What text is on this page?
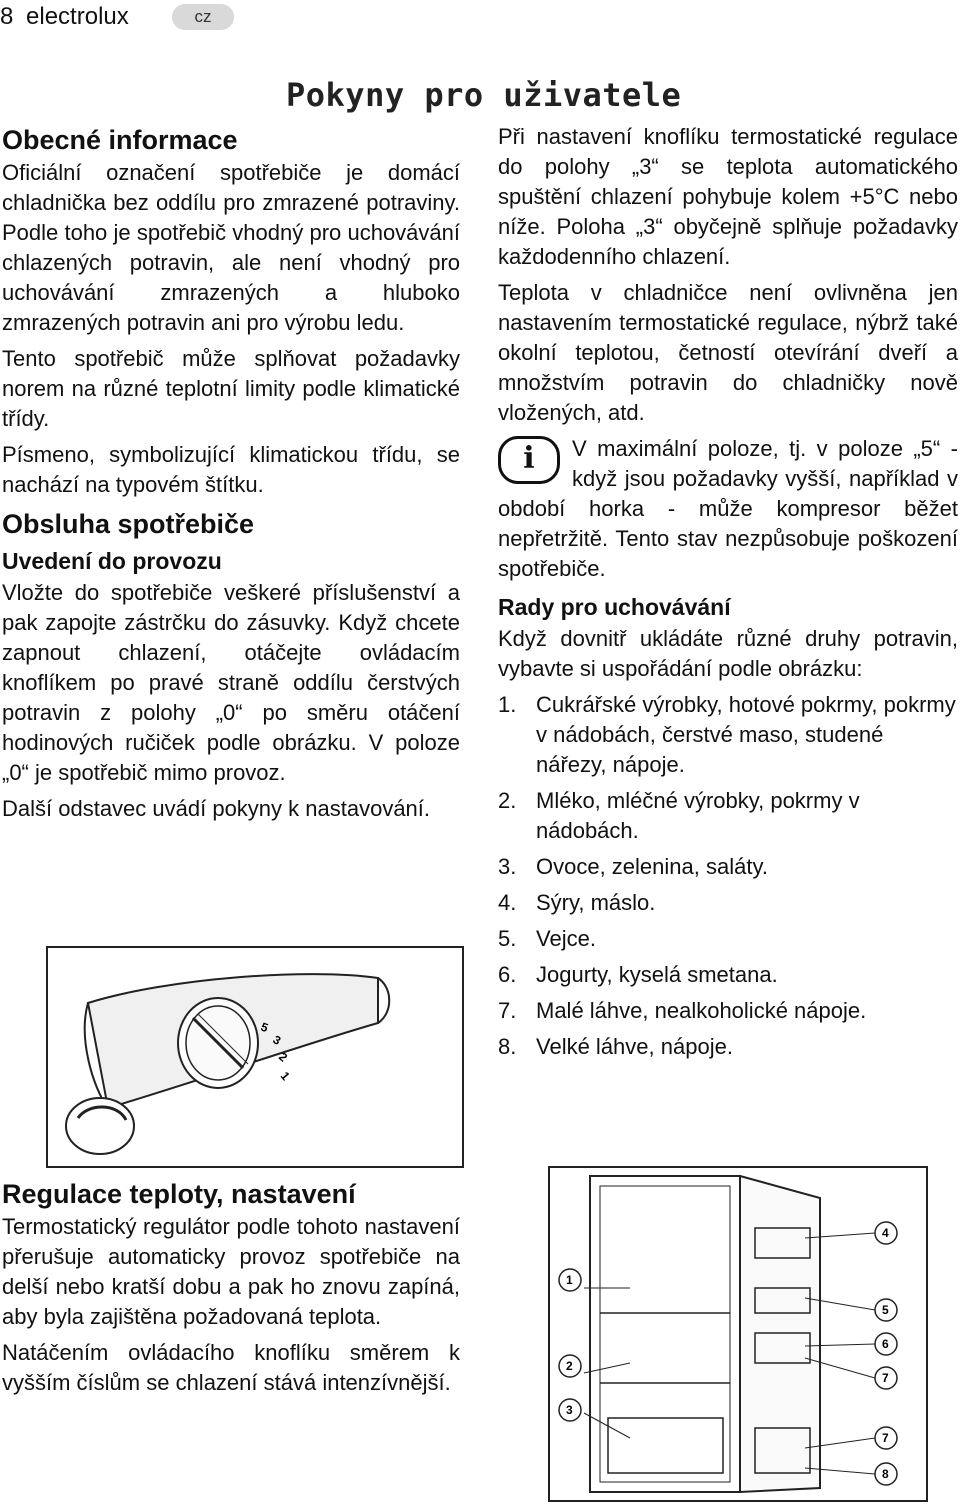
8 electrolux	cz
Pokyny pro uživatele
Obecné informace

Oficiální označení spotřebiče je domácí chladnička bez oddílu pro zmrazené potraviny. Podle toho je spotřebič vhodný pro uchovávání chlazených potravin, ale není vhodný pro uchovávání zmrazených a hluboko zmrazených potravin ani pro výrobu ledu.

Tento spotřebič může splňovat požadavky norem na různé teplotní limity podle klimatické třídy.

Písmeno, symbolizující klimatickou třídu, se nachází na typovém štítku.

Obsluha spotřebiče
Uvedení do provozu

Vložte do spotřebiče veškeré příslušenství a pak zapojte zástrčku do zásuvky. Když chcete zapnout chlazení, otáčejte ovládacím knoflíkem po pravé straně oddílu čerstvých potravin z polohy „0“ po směru otáčení hodinových ručiček podle obrázku. V poloze „0“ je spotřebič mimo provoz.

Další odstavec uvádí pokyny k nastavování.

5
3
2
1
Regulace teploty, nastavení

Termostatický regulátor podle tohoto nastavení přerušuje automaticky provoz spotřebiče na delší nebo kratší dobu a pak ho znovu zapíná, aby byla zajištěna požadovaná teplota.

Natáčením ovládacího knoflíku směrem k vyšším číslům se chlazení stává intenzívnější.

Při nastavení knoflíku termostatické regulace do polohy „3“ se teplota automatického spuštění chlazení pohybuje kolem +5°C nebo níže. Poloha „3“ obyčejně splňuje požadavky každodenního chlazení.

Teplota v chladničce není ovlivněna jen nastavením termostatické regulace, nýbrž také okolní teplotou, četností otevírání dveří a množstvím potravin do chladničky nově vložených, atd.

i	V maximální poloze, tj. v poloze „5“ - když jsou požadavky vyšší, například v období horka - může kompresor běžet nepřetržitě. Tento stav nezpůsobuje poškození spotřebiče.

Rady pro uchovávání

Když dovnitř ukládáte různé druhy potravin, vybavte si uspořádání podle obrázku:

1. Cukrářské výrobky, hotové pokrmy, pokrmy v nádobách, čerstvé maso, studené nářezy, nápoje.
2. Mléko, mléčné výrobky, pokrmy v nádobách.
3. Ovoce, zelenina, saláty.
4. Sýry, máslo.
5. Vejce.
6. Jogurty, kyselá smetana.
7. Malé láhve, nealkoholické nápoje.
8. Velké láhve, nápoje.
1
2
3
4
5
6
7
7
8
